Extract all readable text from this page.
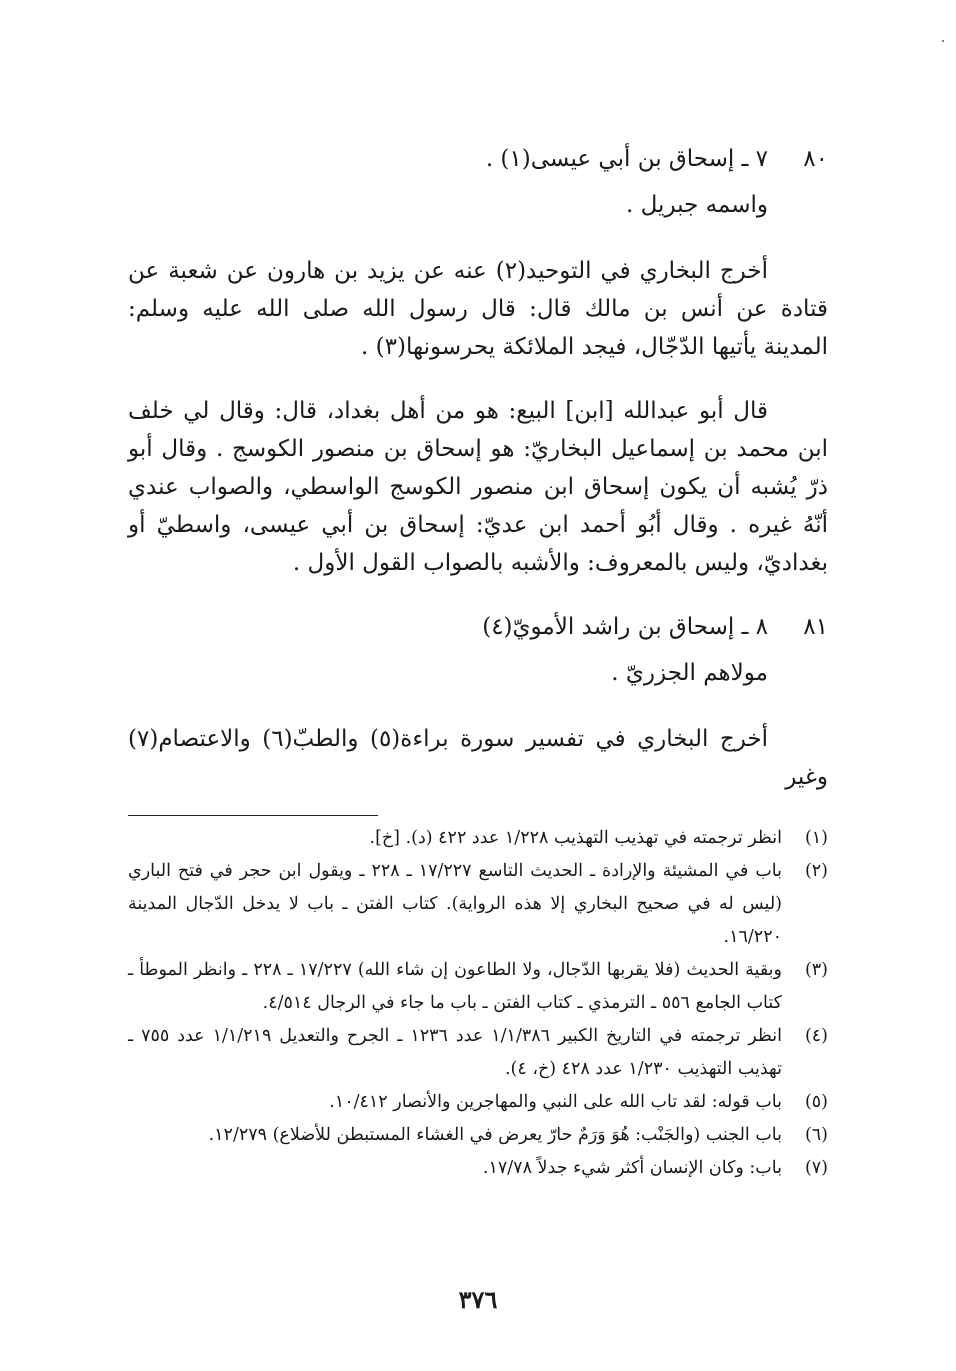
٨٠
٧ ـ إسحاق بن أبي عيسى(١) .
واسمه جبريل .

أخرج البخاري في التوحيد(٢) عنه عن يزيد بن هارون عن شعبة عن قتادة عن أنس بن مالك قال: قال رسول الله صلى الله عليه وسلم: المدينة يأتيها الدّجّال، فيجد الملائكة يحرسونها(٣) .

قال أبو عبدالله [ابن] البيع: هو من أهل بغداد، قال: وقال لي خلف ابن محمد بن إسماعيل البخاريّ: هو إسحاق بن منصور الكوسج . وقال أبو ذرّ يُشبه أن يكون إسحاق ابن منصور الكوسج الواسطي، والصواب عندي أنّهُ غيره . وقال أبُو أحمد ابن عديّ: إسحاق بن أبي عيسى، واسطيّ أو بغداديّ، وليس بالمعروف: والأشبه بالصواب القول الأول .

٨١
٨ ـ إسحاق بن راشد الأمويّ(٤)
مولاهم الجزريّ .

أخرج البخاري في تفسير سورة براءة(٥) والطبّ(٦) والاعتصام(٧) وغير

(١)
انظر ترجمته في تهذيب التهذيب ١/٢٢٨ عدد ٤٢٢ (د). [خ].
(٢)
باب في المشيئة والإرادة ـ الحديث التاسع ١٧/٢٢٧ ـ ٢٢٨ ـ ويقول ابن حجر في فتح الباري (ليس له في صحيح البخاري إلا هذه الرواية). كتاب الفتن ـ باب لا يدخل الدّجال المدينة ١٦/٢٢٠.
(٣)
وبقية الحديث (فلا يقربها الدّجال، ولا الطاعون إن شاء الله) ١٧/٢٢٧ ـ ٢٢٨ ـ وانظر الموطأ ـ كتاب الجامع ٥٥٦ ـ الترمذي ـ كتاب الفتن ـ باب ما جاء في الرجال ٤/٥١٤.
(٤)
انظر ترجمته في التاريخ الكبير ١/١/٣٨٦ عدد ١٢٣٦ ـ الجرح والتعديل ١/١/٢١٩ عدد ٧٥٥ ـ تهذيب التهذيب ١/٢٣٠ عدد ٤٢٨ (خ، ٤).
(٥)
باب قوله: لقد تاب الله على النبي والمهاجرين والأنصار ١٠/٤١٢.
(٦)
باب الجنب (والجَنْب: هُوَ وَرَمٌ حارّ يعرض في الغشاء المستبطن للأضلاع) ١٢/٢٧٩.
(٧)
باب: وكان الإنسان أكثر شيء جدلاً ١٧/٧٨.
٣٧٦
